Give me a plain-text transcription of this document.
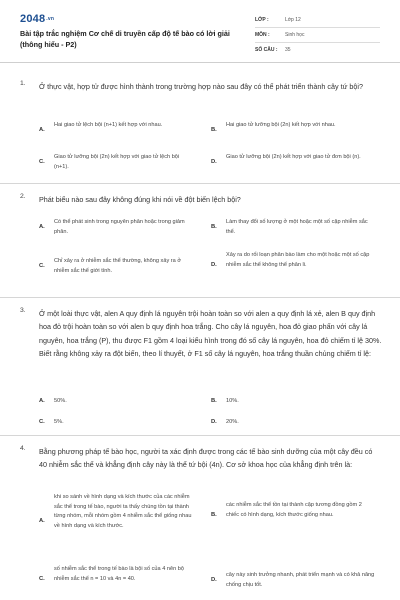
2048.vn
Bài tập trắc nghiệm Cơ chế di truyền cấp độ tế bào có lời giải (thông hiểu - P2)
LỚP :	Lớp 12
MÔN :	Sinh học
SỐ CÂU : 35
1. Ở thực vật, hợp tử được hình thành trong trường hợp nào sau đây có thể phát triển thành cây tứ bội?
A.
Hai giao tử lệch bội (n+1) kết hợp với nhau.
B.
Hai giao tử lưỡng bội (2n) kết hợp với nhau.
C.
Giao tử lưỡng bội (2n) kết hợp với giao tử lệch bội (n+1).
D.
Giao tử lưỡng bội (2n) kết hợp với giao tử đơn bội (n).
2. Phát biểu nào sau đây không đúng khi nói về đột biến lệch bội?
A.
Có thể phát sinh trong nguyên phân hoặc trong giảm phân.
B.
Làm thay đổi số lượng ở một hoặc một số cặp nhiễm sắc thể.
C.
Chỉ xảy ra ở nhiễm sắc thể thường, không xảy ra ở nhiễm sắc thể giới tính.
D.
Xảy ra do rối loạn phân bào làm cho một hoặc một số cặp nhiễm sắc thể không thể phân li.
3. Ở một loài thực vật, alen A quy định lá nguyên trội hoàn toàn so với alen a quy định lá xẻ, alen B quy định hoa đỏ trội hoàn toàn so với alen b quy định hoa trắng. Cho cây lá nguyên, hoa đỏ giao phấn với cây lá nguyên, hoa trắng (P), thu được F1 gồm 4 loại kiểu hình trong đó số cây lá nguyên, hoa đỏ chiếm tỉ lệ 30%. Biết rằng không xảy ra đột biến, theo lí thuyết, ở F1 số cây lá nguyên, hoa trắng thuần chủng chiếm tỉ lệ:
A. 50%.	B. 10%.
C. 5%.	D. 20%.
4. Bằng phương pháp tế bào học, người ta xác định được trong các tế bào sinh dưỡng của một cây đều có 40 nhiễm sắc thể và khẳng định cây này là thể tứ bội (4n). Cơ sở khoa học của khẳng định trên là:
A.
khi so sánh về hình dạng và kích thước của các nhiễm sắc thể trong tế bào, người ta thấy chúng tồn tại thành từng nhóm, mỗi nhóm gồm 4 nhiễm sắc thể giống nhau về hình dạng và kích thước.
B.
các nhiễm sắc thể tồn tại thành cặp tương đồng gồm 2 chiếc có hình dạng, kích thước giống nhau.
C.
số nhiễm sắc thể trong tế bào là bội số của 4 nên bộ nhiễm sắc thể n = 10 và 4n = 40.	D.
cây này sinh trưởng nhanh, phát triển mạnh và có khả năng chống chịu tốt.
